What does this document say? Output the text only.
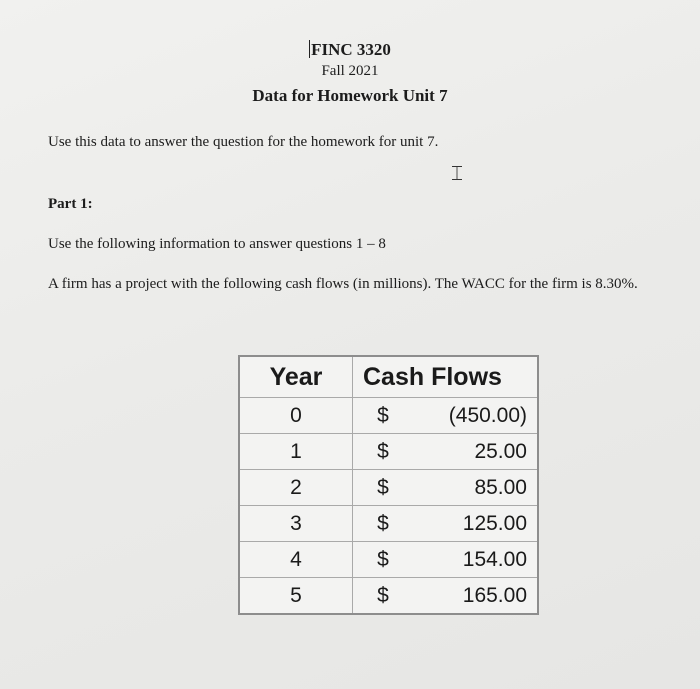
FINC 3320
Fall 2021
Data for Homework Unit 7
Use this data to answer the question for the homework for unit 7.
⌶
Part 1:
Use the following information to answer questions 1 – 8
A firm has a project with the following cash flows (in millions). The WACC for the firm is 8.30%.
Year	Cash Flows	
0	$	(450.00)
1	$	25.00
2	$	85.00
3	$	125.00
4	$	154.00
5	$	165.00
